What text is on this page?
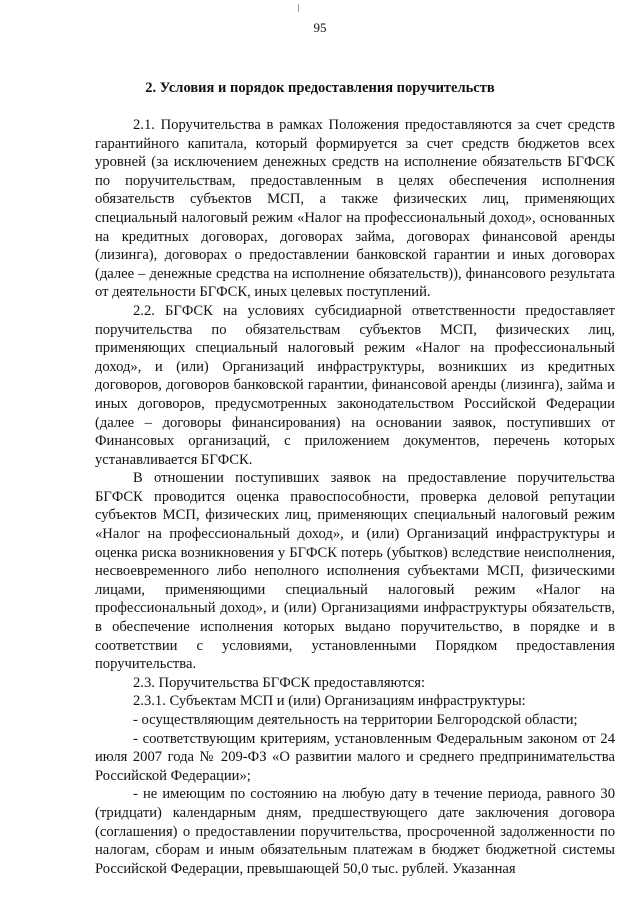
95
2. Условия и порядок предоставления поручительств

2.1. Поручительства в рамках Положения предоставляются за счет средств гарантийного капитала, который формируется за счет средств бюджетов всех уровней (за исключением денежных средств на исполнение обязательств БГФСК по поручительствам, предоставленным в целях обеспечения исполнения обязательств субъектов МСП, а также физических лиц, применяющих специальный налоговый режим «Налог на профессиональный доход», основанных на кредитных договорах, договорах займа, договорах финансовой аренды (лизинга), договорах о предоставлении банковской гарантии и иных договорах (далее – денежные средства на исполнение обязательств)), финансового результата от деятельности БГФСК, иных целевых поступлений.

2.2. БГФСК на условиях субсидиарной ответственности предоставляет поручительства по обязательствам субъектов МСП, физических лиц, применяющих специальный налоговый режим «Налог на профессиональный доход», и (или) Организаций инфраструктуры, возникших из кредитных договоров, договоров банковской гарантии, финансовой аренды (лизинга), займа и иных договоров, предусмотренных законодательством Российской Федерации (далее – договоры финансирования) на основании заявок, поступивших от Финансовых организаций, с приложением документов, перечень которых устанавливается БГФСК.

В отношении поступивших заявок на предоставление поручительства БГФСК проводится оценка правоспособности, проверка деловой репутации субъектов МСП, физических лиц, применяющих специальный налоговый режим «Налог на профессиональный доход», и (или) Организаций инфраструктуры и оценка риска возникновения у БГФСК потерь (убытков) вследствие неисполнения, несвоевременного либо неполного исполнения субъектами МСП, физическими лицами, применяющими специальный налоговый режим «Налог на профессиональный доход», и (или) Организациями инфраструктуры обязательств, в обеспечение исполнения которых выдано поручительство, в порядке и в соответствии с условиями, установленными Порядком предоставления поручительства.

2.3. Поручительства БГФСК предоставляются:

2.3.1. Субъектам МСП и (или) Организациям инфраструктуры:

- осуществляющим деятельность на территории Белгородской области;

- соответствующим критериям, установленным Федеральным законом от 24 июля 2007 года № 209-ФЗ «О развитии малого и среднего предпринимательства Российской Федерации»;

- не имеющим по состоянию на любую дату в течение периода, равного 30 (тридцати) календарным дням, предшествующего дате заключения договора (соглашения) о предоставлении поручительства, просроченной задолженности по налогам, сборам и иным обязательным платежам в бюджет бюджетной системы Российской Федерации, превышающей 50,0 тыс. рублей. Указанная
